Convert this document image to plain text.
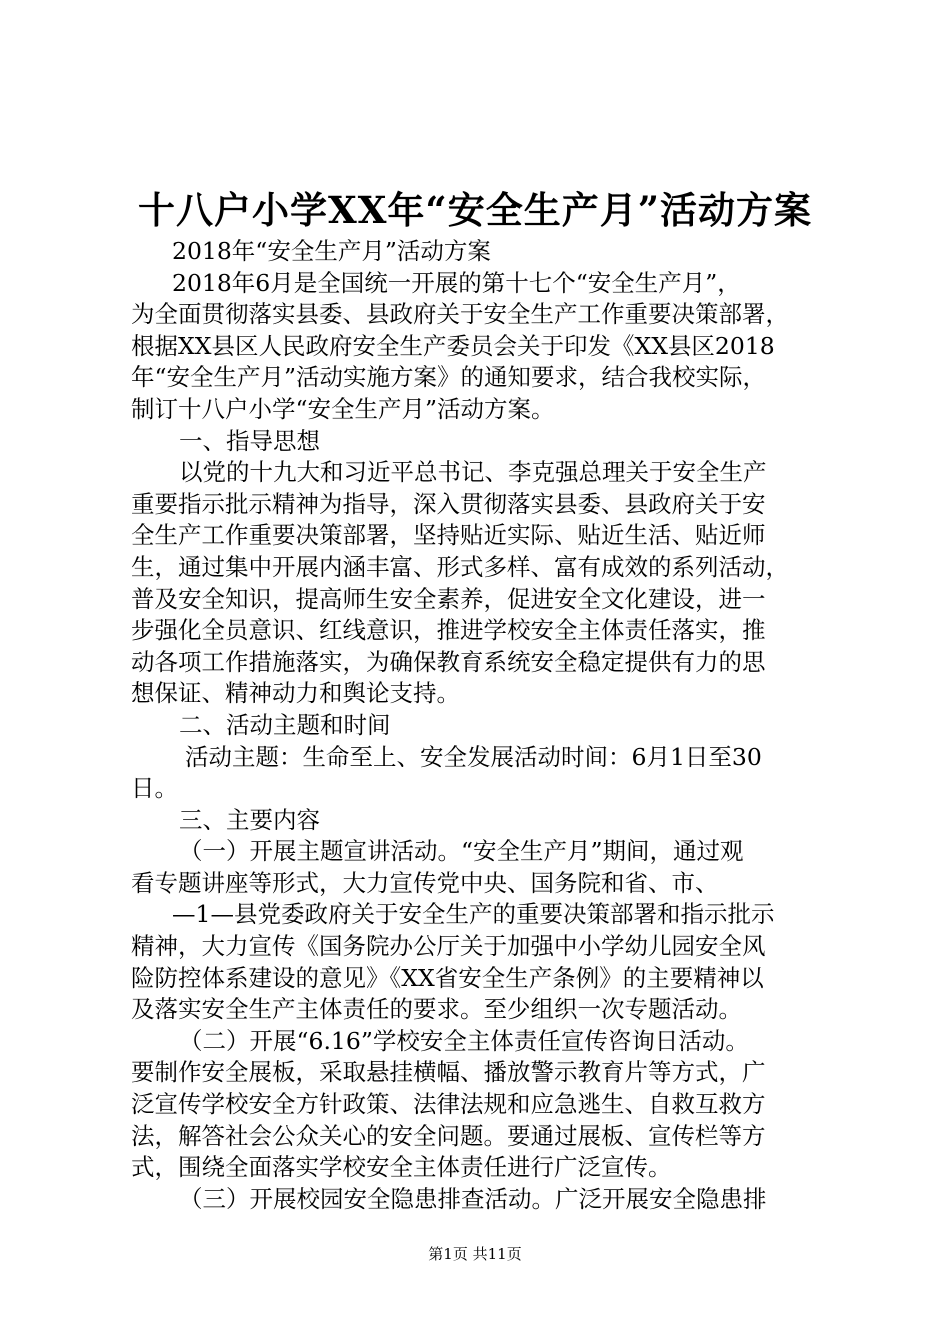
十八户小学XX年“安全生产月”活动方案
2018年“安全生产月”活动方案
2018年6月是全国统一开展的第十七个“安全生产月”，
为全面贯彻落实县委、县政府关于安全生产工作重要决策部署，
根据XX县区人民政府安全生产委员会关于印发《XX县区2018
年“安全生产月”活动实施方案》的通知要求，结合我校实际，
制订十八户小学“安全生产月”活动方案。
一、指导思想
以党的十九大和习近平总书记、李克强总理关于安全生产
重要指示批示精神为指导，深入贯彻落实县委、县政府关于安
全生产工作重要决策部署，坚持贴近实际、贴近生活、贴近师
生，通过集中开展内涵丰富、形式多样、富有成效的系列活动，
普及安全知识，提高师生安全素养，促进安全文化建设，进一
步强化全员意识、红线意识，推进学校安全主体责任落实，推
动各项工作措施落实，为确保教育系统安全稳定提供有力的思
想保证、精神动力和舆论支持。
二、活动主题和时间
活动主题：生命至上、安全发展活动时间：6月1日至30
日。
三、主要内容
（一）开展主题宣讲活动。“安全生产月”期间，通过观
看专题讲座等形式，大力宣传党中央、国务院和省、市、
—1—县党委政府关于安全生产的重要决策部署和指示批示
精神，大力宣传《国务院办公厅关于加强中小学幼儿园安全风
险防控体系建设的意见》《XX省安全生产条例》的主要精神以
及落实安全生产主体责任的要求。至少组织一次专题活动。
（二）开展“6.16”学校安全主体责任宣传咨询日活动。
要制作安全展板，采取悬挂横幅、播放警示教育片等方式，广
泛宣传学校安全方针政策、法律法规和应急逃生、自救互救方
法，解答社会公众关心的安全问题。要通过展板、宣传栏等方
式，围绕全面落实学校安全主体责任进行广泛宣传。
（三）开展校园安全隐患排查活动。广泛开展安全隐患排
第1页 共11页
